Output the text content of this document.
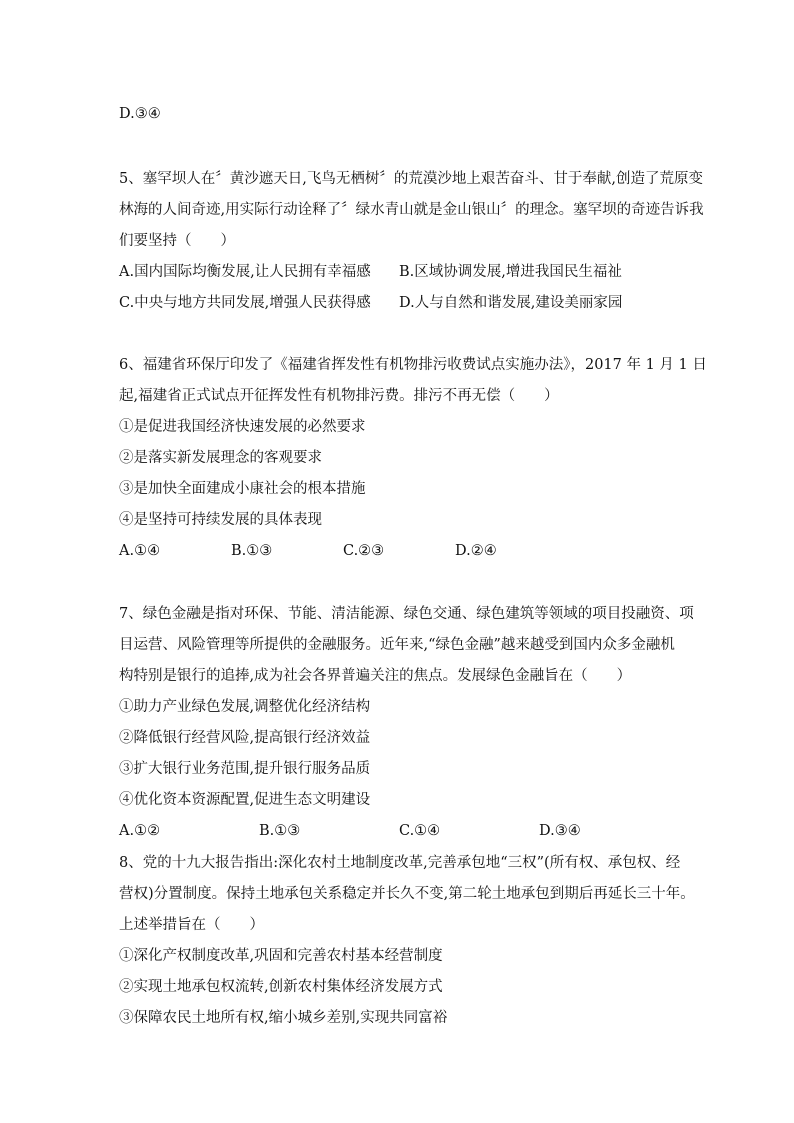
D.③④
5、塞罕坝人在〞黄沙遮天日,飞鸟无栖树〞的荒漠沙地上艰苦奋斗、甘于奉献,创造了荒原变
林海的人间奇迹,用实际行动诠释了〞绿水青山就是金山银山〞的理念。塞罕坝的奇迹告诉我
们要坚持（　　）
A.国内国际均衡发展,让人民拥有幸福感 B.区域协调发展,增进我国民生福祉
C.中央与地方共同发展,增强人民获得感 D.人与自然和谐发展,建设美丽家园
6、福建省环保厅印发了《福建省挥发性有机物排污收费试点实施办法》，2017 年 1 月 1 日
起,福建省正式试点开征挥发性有机物排污费。排污不再无偿（　　）
①是促进我国经济快速发展的必然要求
②是落实新发展理念的客观要求
③是加快全面建成小康社会的根本措施
④是坚持可持续发展的具体表现
A.①④	B.①③	C.②③	D.②④
7、绿色金融是指对环保、节能、清洁能源、绿色交通、绿色建筑等领域的项目投融资、项
目运营、风险管理等所提供的金融服务。近年来,“绿色金融”越来越受到国内众多金融机
构特别是银行的追捧,成为社会各界普遍关注的焦点。发展绿色金融旨在（　　）
①助力产业绿色发展,调整优化经济结构
②降低银行经营风险,提高银行经济效益
③扩大银行业务范围,提升银行服务品质
④优化资本资源配置,促进生态文明建设
A.①②	B.①③	C.①④	D.③④
8、党的十九大报告指出:深化农村土地制度改革,完善承包地“三权”(所有权、承包权、经
营权)分置制度。保持土地承包关系稳定并长久不变,第二轮土地承包到期后再延长三十年。
上述举措旨在（　　）
①深化产权制度改革,巩固和完善农村基本经营制度
②实现土地承包权流转,创新农村集体经济发展方式
③保障农民土地所有权,缩小城乡差别,实现共同富裕
